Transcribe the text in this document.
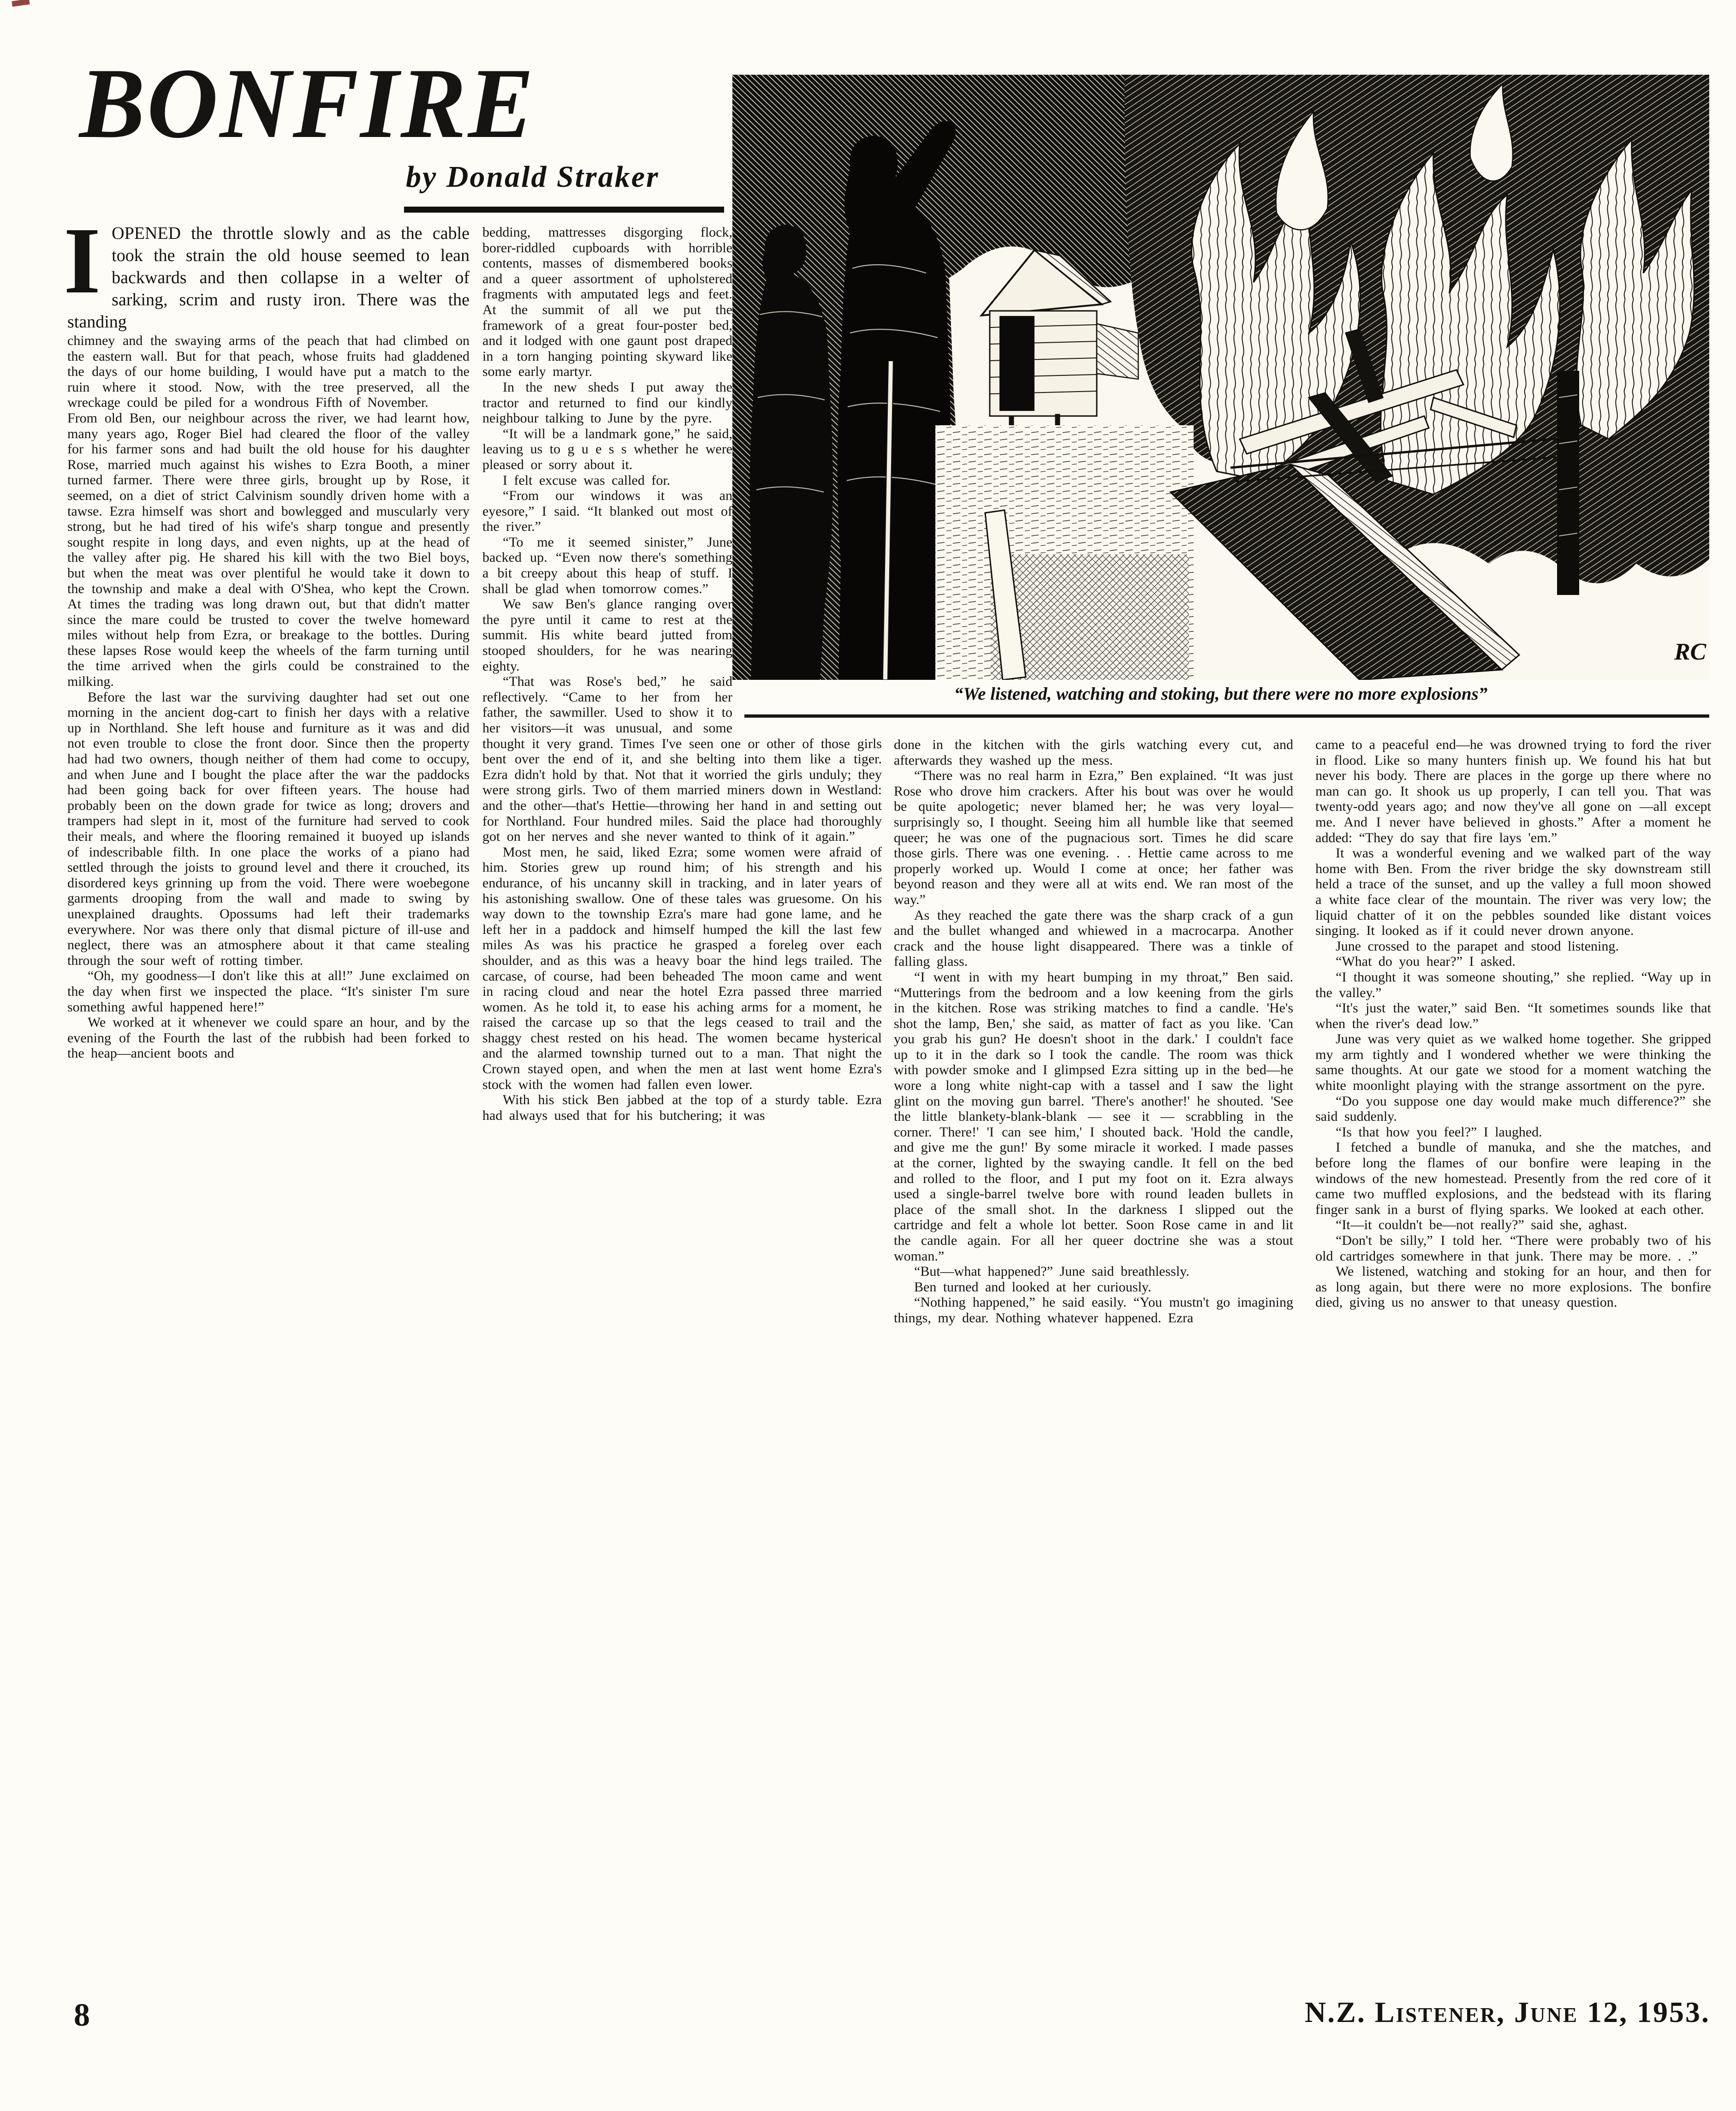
BONFIRE
by Donald Straker
RC
“We listened, watching and stoking, but there were no more explosions”

IOPENED the throttle slowly and as the cable took the strain the old house seemed to lean backwards and then collapse in a welter of sarking, scrim and rusty iron. There was the standing

chimney and the swaying arms of the peach that had climbed on the eastern wall. But for that peach, whose fruits had gladdened the days of our home building, I would have put a match to the ruin where it stood. Now, with the tree preserved, all the wreckage could be piled for a wondrous Fifth of November.

From old Ben, our neighbour across the river, we had learnt how, many years ago, Roger Biel had cleared the floor of the valley for his farmer sons and had built the old house for his daughter Rose, married much against his wishes to Ezra Booth, a miner turned farmer. There were three girls, brought up by Rose, it seemed, on a diet of strict Calvinism soundly driven home with a tawse. Ezra himself was short and bowlegged and muscularly very strong, but he had tired of his wife's sharp tongue and presently sought respite in long days, and even nights, up at the head of the valley after pig. He shared his kill with the two Biel boys, but when the meat was over plentiful he would take it down to the township and make a deal with O'Shea, who kept the Crown. At times the trading was long drawn out, but that didn't matter since the mare could be trusted to cover the twelve homeward miles without help from Ezra, or breakage to the bottles. During these lapses Rose would keep the wheels of the farm turning until the time arrived when the girls could be constrained to the milking.

Before the last war the surviving daughter had set out one morning in the ancient dog-cart to finish her days with a relative up in Northland. She left house and furniture as it was and did not even trouble to close the front door. Since then the property had had two owners, though neither of them had come to occupy, and when June and I bought the place after the war the paddocks had been going back for over fifteen years. The house had probably been on the down grade for twice as long; drovers and trampers had slept in it, most of the furniture had served to cook their meals, and where the flooring remained it buoyed up islands of indescribable filth. In one place the works of a piano had settled through the joists to ground level and there it crouched, its disordered keys grinning up from the void. There were woebegone garments drooping from the wall and made to swing by unexplained draughts. Opossums had left their trademarks everywhere. Nor was there only that dismal picture of ill-use and neglect, there was an atmosphere about it that came stealing through the sour weft of rotting timber.

“Oh, my goodness—I don't like this at all!” June exclaimed on the day when first we inspected the place. “It's sinister I'm sure something awful happened here!”

We worked at it whenever we could spare an hour, and by the evening of the Fourth the last of the rubbish had been forked to the heap—ancient boots and

bedding, mattresses disgorging flock, borer-riddled cupboards with horrible contents, masses of dismembered books and a queer assortment of upholstered fragments with amputated legs and feet. At the summit of all we put the framework of a great four-poster bed, and it lodged with one gaunt post draped in a torn hanging pointing skyward like some early martyr.

In the new sheds I put away the tractor and returned to find our kindly neighbour talking to June by the pyre.

“It will be a landmark gone,” he said, leaving us to g u e s s whether he were pleased or sorry about it.

I felt excuse was called for.

“From our windows it was an eyesore,” I said. “It blanked out most of the river.”

“To me it seemed sinister,” June backed up. “Even now there's something a bit creepy about this heap of stuff. I shall be glad when tomorrow comes.”

We saw Ben's glance ranging over the pyre until it came to rest at the summit. His white beard jutted from stooped shoulders, for he was nearing eighty.

“That was Rose's bed,” he said reflectively. “Came to her from her father, the sawmiller. Used to show it to her visitors—it was unusual, and some thought it very grand. Times I've seen one or other of those girls bent over the end of it, and she belting into them like a tiger. Ezra didn't hold by that. Not that it worried the girls unduly; they were strong girls. Two of them married miners down in Westland: and the other—that's Hettie—throwing her hand in and setting out for Northland. Four hundred miles. Said the place had thoroughly got on her nerves and she never wanted to think of it again.”

Most men, he said, liked Ezra; some women were afraid of him. Stories grew up round him; of his strength and his endurance, of his uncanny skill in tracking, and in later years of his astonishing swallow. One of these tales was gruesome. On his way down to the township Ezra's mare had gone lame, and he left her in a paddock and himself humped the kill the last few miles As was his practice he grasped a foreleg over each shoulder, and as this was a heavy boar the hind legs trailed. The carcase, of course, had been beheaded The moon came and went in racing cloud and near the hotel Ezra passed three married women. As he told it, to ease his aching arms for a moment, he raised the carcase up so that the legs ceased to trail and the shaggy chest rested on his head. The women became hysterical and the alarmed township turned out to a man. That night the Crown stayed open, and when the men at last went home Ezra's stock with the women had fallen even lower.

With his stick Ben jabbed at the top of a sturdy table. Ezra had always used that for his butchering; it was

done in the kitchen with the girls watching every cut, and afterwards they washed up the mess.

“There was no real harm in Ezra,” Ben explained. “It was just Rose who drove him crackers. After his bout was over he would be quite apologetic; never blamed her; he was very loyal—surprisingly so, I thought. Seeing him all humble like that seemed queer; he was one of the pugnacious sort. Times he did scare those girls. There was one evening. . . Hettie came across to me properly worked up. Would I come at once; her father was beyond reason and they were all at wits end. We ran most of the way.”

As they reached the gate there was the sharp crack of a gun and the bullet whanged and whiewed in a macrocarpa. Another crack and the house light disappeared. There was a tinkle of falling glass.

“I went in with my heart bumping in my throat,” Ben said. “Mutterings from the bedroom and a low keening from the girls in the kitchen. Rose was striking matches to find a candle. 'He's shot the lamp, Ben,' she said, as matter of fact as you like. 'Can you grab his gun? He doesn't shoot in the dark.' I couldn't face up to it in the dark so I took the candle. The room was thick with powder smoke and I glimpsed Ezra sitting up in the bed—he wore a long white night-cap with a tassel and I saw the light glint on the moving gun barrel. 'There's another!' he shouted. 'See the little blankety-blank-blank — see it — scrabbling in the corner. There!' 'I can see him,' I shouted back. 'Hold the candle, and give me the gun!' By some miracle it worked. I made passes at the corner, lighted by the swaying candle. It fell on the bed and rolled to the floor, and I put my foot on it. Ezra always used a single-barrel twelve bore with round leaden bullets in place of the small shot. In the darkness I slipped out the cartridge and felt a whole lot better. Soon Rose came in and lit the candle again. For all her queer doctrine she was a stout woman.”

“But—what happened?” June said breathlessly.

Ben turned and looked at her curiously.

“Nothing happened,” he said easily. “You mustn't go imagining things, my dear. Nothing whatever happened. Ezra

came to a peaceful end—he was drowned trying to ford the river in flood. Like so many hunters finish up. We found his hat but never his body. There are places in the gorge up there where no man can go. It shook us up properly, I can tell you. That was twenty-odd years ago; and now they've all gone on —all except me. And I never have believed in ghosts.” After a moment he added: “They do say that fire lays 'em.”

It was a wonderful evening and we walked part of the way home with Ben. From the river bridge the sky downstream still held a trace of the sunset, and up the valley a full moon showed a white face clear of the mountain. The river was very low; the liquid chatter of it on the pebbles sounded like distant voices singing. It looked as if it could never drown anyone.

June crossed to the parapet and stood listening.

“What do you hear?” I asked.

“I thought it was someone shouting,” she replied. “Way up in the valley.”

“It's just the water,” said Ben. “It sometimes sounds like that when the river's dead low.”

June was very quiet as we walked home together. She gripped my arm tightly and I wondered whether we were thinking the same thoughts. At our gate we stood for a moment watching the white moonlight playing with the strange assortment on the pyre.

“Do you suppose one day would make much difference?” she said suddenly.

“Is that how you feel?” I laughed.

I fetched a bundle of manuka, and she the matches, and before long the flames of our bonfire were leaping in the windows of the new homestead. Presently from the red core of it came two muffled explosions, and the bedstead with its flaring finger sank in a burst of flying sparks. We looked at each other.

“It—it couldn't be—not really?” said she, aghast.

“Don't be silly,” I told her. “There were probably two of his old cartridges somewhere in that junk. There may be more. . .”

We listened, watching and stoking for an hour, and then for as long again, but there were no more explosions. The bonfire died, giving us no answer to that uneasy question.

8	N.Z. Listener, June 12, 1953.
